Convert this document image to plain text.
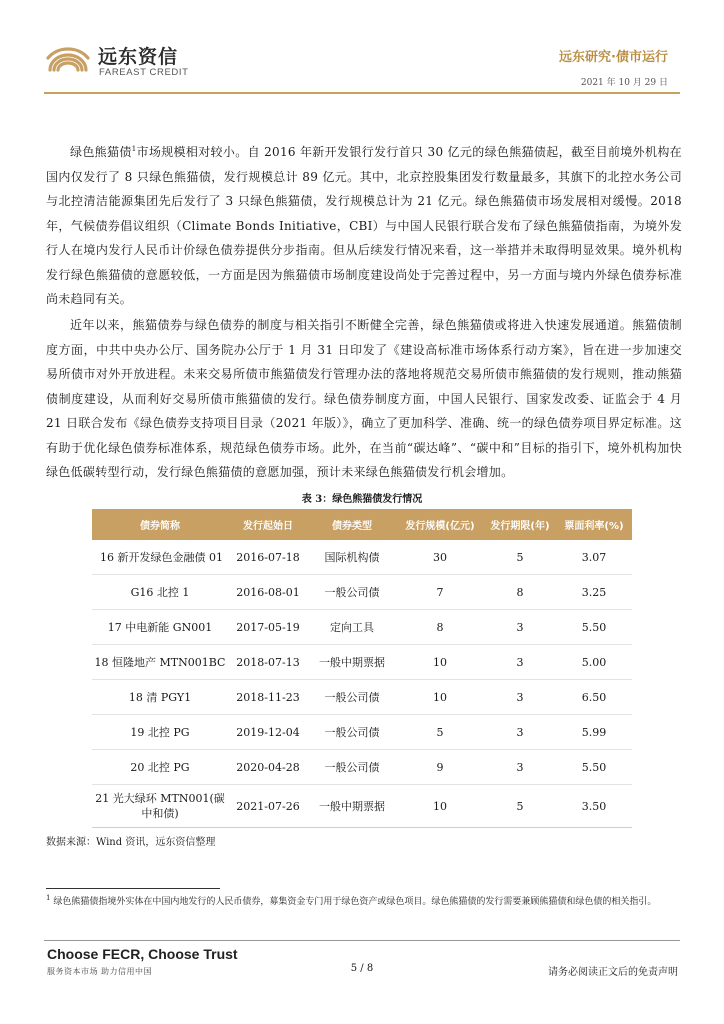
远东资信
FAREAST CREDIT
远东研究·债市运行
2021 年 10 月 29 日
绿色熊猫债$^1$市场规模相对较小。自 2016 年新开发银行发行首只 30 亿元的绿色熊猫债起，截至目前境外机构在国内仅发行了 8 只绿色熊猫债，发行规模总计 89 亿元。其中，北京控股集团发行数量最多，其旗下的北控水务公司与北控清洁能源集团先后发行了 3 只绿色熊猫债，发行规模总计为 21 亿元。绿色熊猫债市场发展相对缓慢。2018 年，气候债券倡议组织（Climate Bonds Initiative，CBI）与中国人民银行联合发布了绿色熊猫债指南，为境外发行人在境内发行人民币计价绿色债券提供分步指南。但从后续发行情况来看，这一举措并未取得明显效果。境外机构发行绿色熊猫债的意愿较低，一方面是因为熊猫债市场制度建设尚处于完善过程中，另一方面与境内外绿色债券标准尚未趋同有关。
近年以来，熊猫债券与绿色债券的制度与相关指引不断健全完善，绿色熊猫债或将进入快速发展通道。熊猫债制度方面，中共中央办公厅、国务院办公厅于 1 月 31 日印发了《建设高标准市场体系行动方案》，旨在进一步加速交易所债市对外开放进程。未来交易所债市熊猫债发行管理办法的落地将规范交易所债市熊猫债的发行规则，推动熊猫债制度建设，从而利好交易所债市熊猫债的发行。绿色债券制度方面，中国人民银行、国家发改委、证监会于 4 月 21 日联合发布《绿色债券支持项目目录（2021 年版）》，确立了更加科学、准确、统一的绿色债券项目界定标准。这有助于优化绿色债券标准体系，规范绿色债券市场。此外，在当前“碳达峰”、“碳中和”目标的指引下，境外机构加快绿色低碳转型行动，发行绿色熊猫债的意愿加强，预计未来绿色熊猫债发行机会增加。
表 3：绿色熊猫债发行情况
债券简称	发行起始日	债券类型	发行规模(亿元)	发行期限(年)	票面利率(%)
16 新开发绿色金融债 01	2016-07-18	国际机构债	30	5	3.07
G16 北控 1	2016-08-01	一般公司债	7	8	3.25
17 中电新能 GN001	2017-05-19	定向工具	8	3	5.50
18 恒隆地产 MTN001BC	2018-07-13	一般中期票据	10	3	5.00
18 清 PGY1	2018-11-23	一般公司债	10	3	6.50
19 北控 PG	2019-12-04	一般公司债	5	3	5.99
20 北控 PG	2020-04-28	一般公司债	9	3	5.50
21 光大绿环 MTN001(碳中和债)	2021-07-26	一般中期票据	10	5	3.50
数据来源：Wind 资讯，远东资信整理
$^1$ 绿色熊猫债指境外实体在中国内地发行的人民币债券，募集资金专门用于绿色资产或绿色项目。绿色熊猫债的发行需要兼顾熊猫债和绿色债的相关指引。
Choose FECR, Choose Trust
服务资本市场 助力信用中国	5 / 8	请务必阅读正文后的免责声明
